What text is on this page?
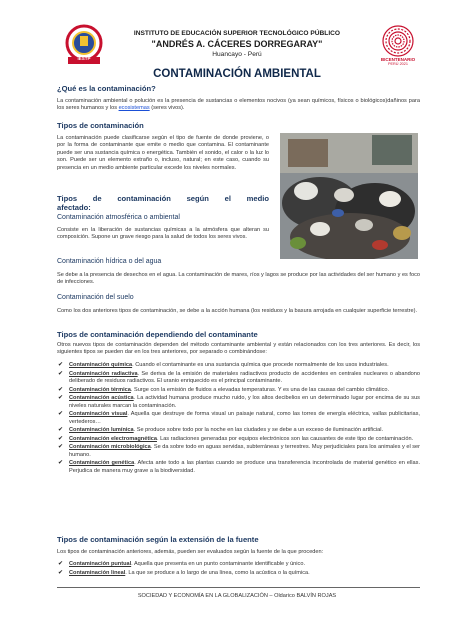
IESTP
HUANCAYO
BICENTENARIO
PERÚ 2021
INSTITUTO DE EDUCACIÓN SUPERIOR TECNOLÓGICO PÚBLICO
"ANDRÉS A. CÁCERES DORREGARAY"
Huancayo - Perú
CONTAMINACIÓN AMBIENTAL
¿Qué es la contaminación?
La contaminación ambiental o polución es la presencia de sustancias o elementos nocivos (ya sean químicos, físicos o biológicos)dañinos para los seres humanos y los ecosistemas (seres vivos).
Tipos de contaminación
La contaminación puede clasificarse según el tipo de fuente de donde proviene, o por la forma de contaminante que emite o medio que contamina. El contaminante puede ser una sustancia química o energética. También el sonido, el calor o la luz lo son. Puede ser un elemento extraño o, incluso, natural; en este caso, cuando su presencia en un medio ambiente particular excede los niveles normales.
Tipos de contaminación según el medio
afectado:
Contaminación atmosférica o ambiental
Consiste en la liberación de sustancias químicas a la atmósfera que alteran su composición. Supone un grave riesgo para la salud de todos los seres vivos.
Contaminación hídrica o del agua
Se debe a la presencia de desechos en el agua. La contaminación de mares, ríos y lagos se produce por las actividades del ser humano y es foco de infecciones.
Contaminación del suelo
Como los dos anteriores tipos de contaminación, se debe a la acción humana (los residuos y la basura arrojada en cualquier superficie terrestre).
Tipos de contaminación dependiendo del contaminante
Otros nuevos tipos de contaminación dependen del método contaminante ambiental y están relacionados con los tres anteriores. Es decir, los siguientes tipos se pueden dar en los tres anteriores, por separado o combinándose:
✔ Contaminación química. Cuando el contaminante es una sustancia química que procede normalmente de los usos industriales.
✔ Contaminación radiactiva. Se deriva de la emisión de materiales radiactivos producto de accidentes en centrales nucleares o abandono deliberado de residuos radiactivos. El uranio enriquecido es el principal contaminante.
✔ Contaminación térmica. Surge con la emisión de fluidos a elevadas temperaturas. Y es una de las causas del cambio climático.
✔ Contaminación acústica. La actividad humana produce mucho ruido, y los altos decibelios en un determinado lugar por encima de su sus niveles naturales marcan la contaminación.
✔ Contaminación visual. Aquella que destruye de forma visual un paisaje natural, como las torres de energía eléctrica, vallas publicitarias, vertederos…
✔ Contaminación lumínica. Se produce sobre todo por la noche en las ciudades y se debe a un exceso de iluminación artificial.
✔ Contaminación electromagnética. Las radiaciones generadas por equipos electrónicos son las causantes de este tipo de contaminación.
✔ Contaminación microbiológica. Se da sobre todo en aguas servidas, subterráneas y terrestres. Muy perjudiciales para los animales y el ser humano.
✔ Contaminación genética. Afecta ante todo a las plantas cuando se produce una transferencia incontrolada de material genético en ellas. Perjudica de manera muy grave a la biodiversidad.
Tipos de contaminación según la extensión de la fuente
Los tipos de contaminación anteriores, además, pueden ser evaluados según la fuente de la que proceden:
✔ Contaminación puntual. Aquella que presenta en un punto contaminante identificable y único.
✔ Contaminación lineal. La que se produce a lo largo de una línea, como la acústica o la química.
SOCIEDAD Y ECONOMÍA EN LA GLOBALIZACIÓN – Oldarico BALVÍN ROJAS
